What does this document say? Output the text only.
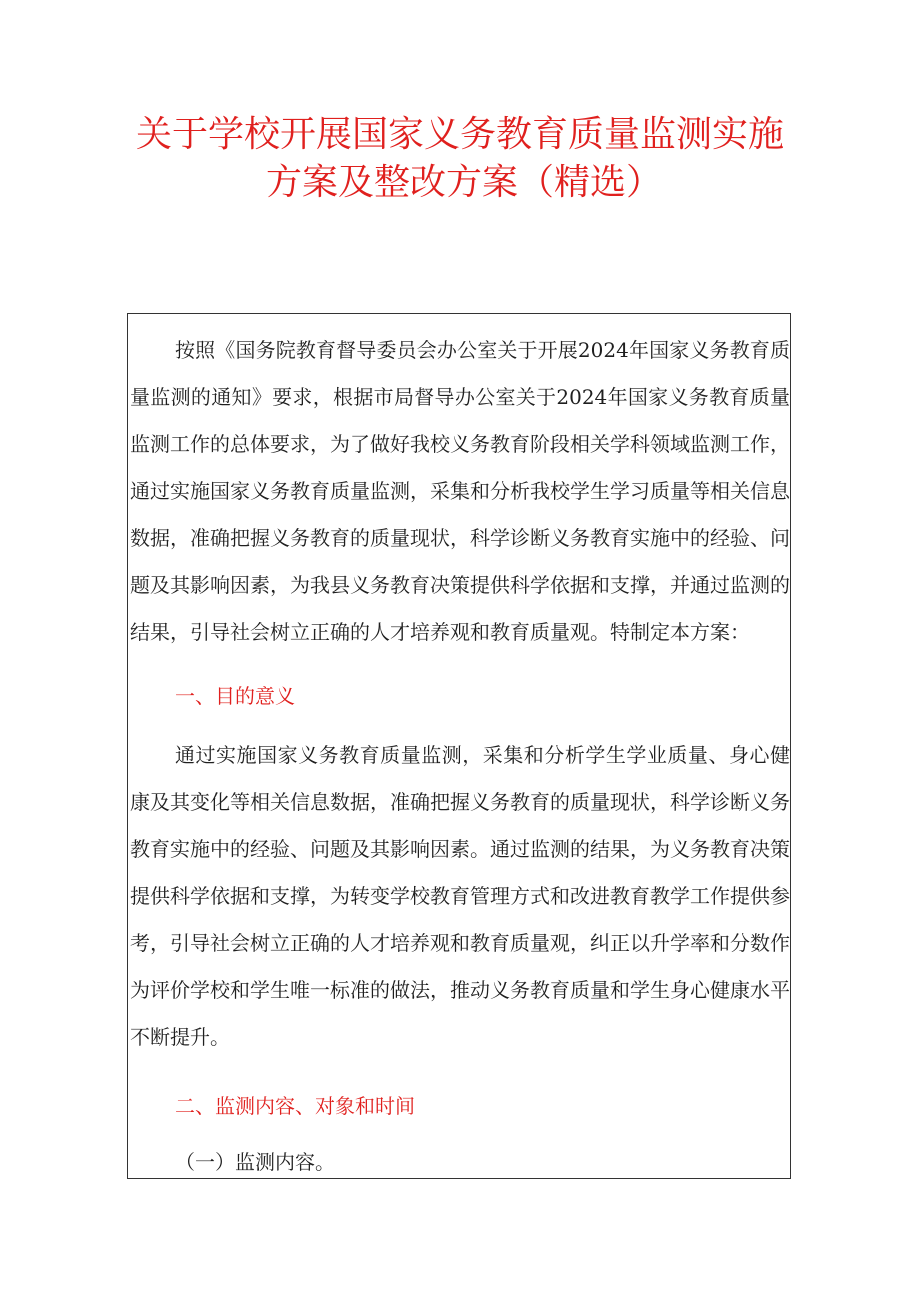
关于学校开展国家义务教育质量监测实施
方案及整改方案（精选）

按照《国务院教育督导委员会办公室关于开展2024年国家义务教育质量监测的通知》要求，根据市局督导办公室关于2024年国家义务教育质量监测工作的总体要求，为了做好我校义务教育阶段相关学科领域监测工作，通过实施国家义务教育质量监测，采集和分析我校学生学习质量等相关信息数据，准确把握义务教育的质量现状，科学诊断义务教育实施中的经验、问题及其影响因素，为我县义务教育决策提供科学依据和支撑，并通过监测的结果，引导社会树立正确的人才培养观和教育质量观。特制定本方案：

一、目的意义

通过实施国家义务教育质量监测，采集和分析学生学业质量、身心健康及其变化等相关信息数据，准确把握义务教育的质量现状，科学诊断义务教育实施中的经验、问题及其影响因素。通过监测的结果，为义务教育决策提供科学依据和支撑，为转变学校教育管理方式和改进教育教学工作提供参考，引导社会树立正确的人才培养观和教育质量观，纠正以升学率和分数作为评价学校和学生唯一标准的做法，推动义务教育质量和学生身心健康水平不断提升。

二、监测内容、对象和时间

（一）监测内容。
